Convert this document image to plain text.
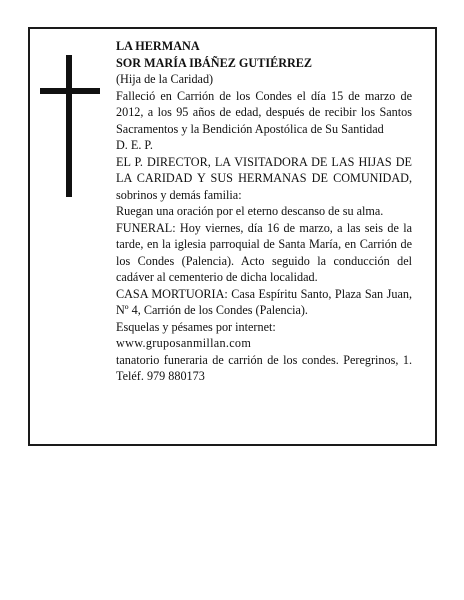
LA HERMANA
SOR MARÍA IBÁÑEZ GUTIÉRREZ
(Hija de la Caridad)
Falleció en Carrión de los Condes el día 15 de marzo de 2012, a los 95 años de edad, después de recibir los Santos Sacramentos y la Bendición Apostólica de Su Santidad
D. E. P.
EL P. DIRECTOR, LA VISITADORA DE LAS HIJAS DE LA CARIDAD Y SUS HERMANAS DE COMUNIDAD, sobrinos y demás familia:
Ruegan una oración por el eterno descanso de su alma.
FUNERAL: Hoy viernes, día 16 de marzo, a las seis de la tarde, en la iglesia parroquial de Santa María, en Carrión de los Condes (Palencia). Acto seguido la conducción del cadáver al cementerio de dicha localidad.
CASA MORTUORIA: Casa Espíritu Santo, Plaza San Juan, Nº 4, Carrión de los Condes (Palencia).
Esquelas y pésames por internet:
www.gruposanmillan.com
tanatorio funeraria de carrión de los condes. Peregrinos, 1. Teléf. 979 880173
